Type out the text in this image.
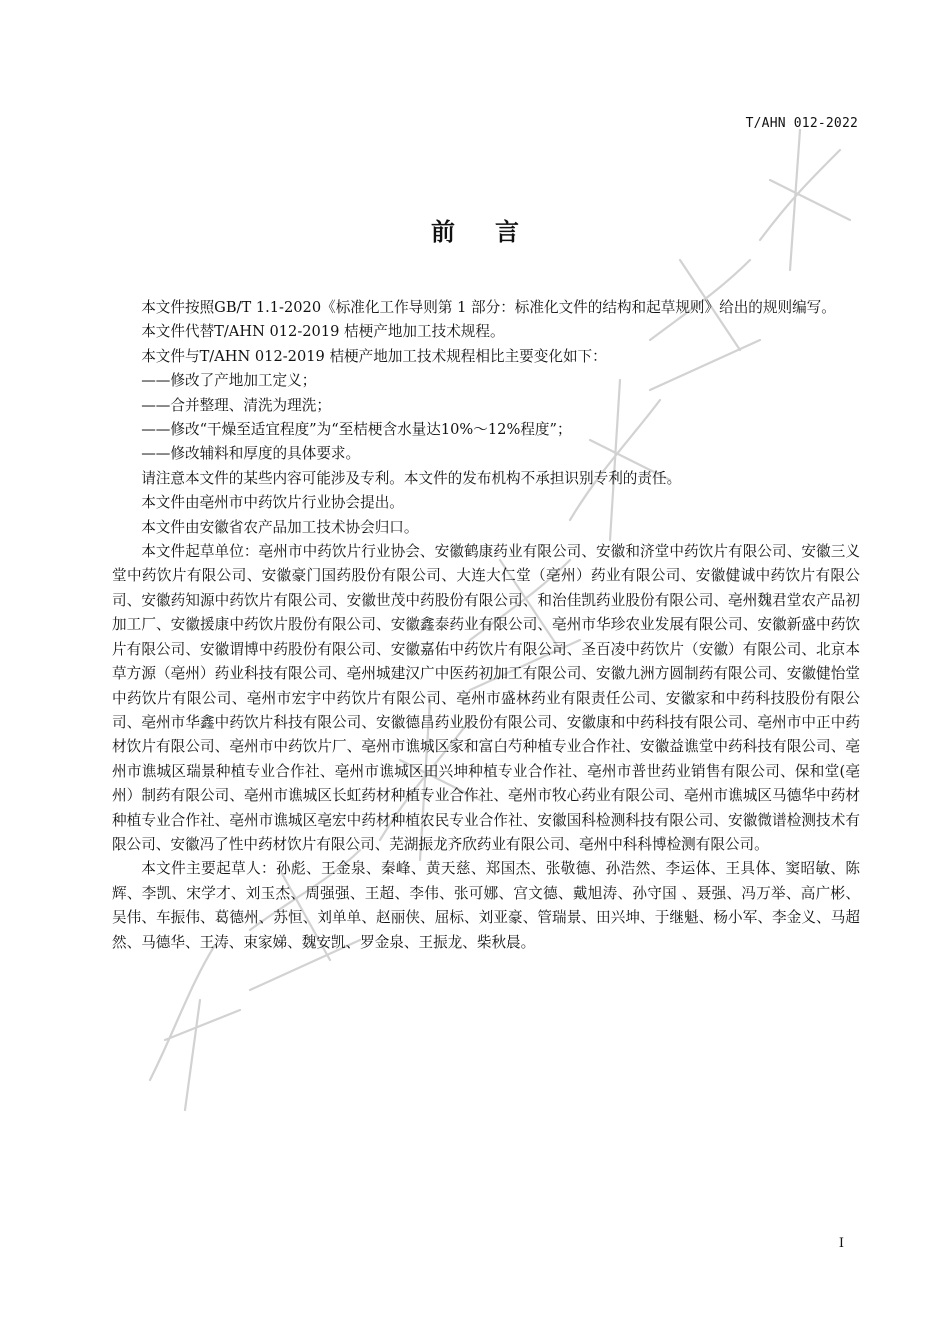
T/AHN 012-2022
前言

本文件按照GB/T 1.1-2020《标准化工作导则第 1 部分：标准化文件的结构和起草规则》给出的规则编写。

本文件代替T/AHN 012-2019 桔梗产地加工技术规程。

本文件与T/AHN 012-2019 桔梗产地加工技术规程相比主要变化如下：

——修改了产地加工定义；

——合并整理、清洗为理洗；

——修改“干燥至适宜程度”为“至桔梗含水量达10%～12%程度”；

——修改辅料和厚度的具体要求。

请注意本文件的某些内容可能涉及专利。本文件的发布机构不承担识别专利的责任。

本文件由亳州市中药饮片行业协会提出。

本文件由安徽省农产品加工技术协会归口。

本文件起草单位：亳州市中药饮片行业协会、安徽鹤康药业有限公司、安徽和济堂中药饮片有限公司、安徽三义堂中药饮片有限公司、安徽豪门国药股份有限公司、大连大仁堂（亳州）药业有限公司、安徽健诚中药饮片有限公司、安徽药知源中药饮片有限公司、安徽世茂中药股份有限公司、和治佳凯药业股份有限公司、亳州魏君堂农产品初加工厂、安徽援康中药饮片股份有限公司、安徽鑫泰药业有限公司、亳州市华珍农业发展有限公司、安徽新盛中药饮片有限公司、安徽谓博中药股份有限公司、安徽嘉佑中药饮片有限公司、圣百凌中药饮片（安徽）有限公司、北京本草方源（亳州）药业科技有限公司、亳州城建汉广中医药初加工有限公司、安徽九洲方圆制药有限公司、安徽健怡堂中药饮片有限公司、亳州市宏宇中药饮片有限公司、亳州市盛林药业有限责任公司、安徽家和中药科技股份有限公司、亳州市华鑫中药饮片科技有限公司、安徽德昌药业股份有限公司、安徽康和中药科技有限公司、亳州市中正中药材饮片有限公司、亳州市中药饮片厂、亳州市谯城区家和富白芍种植专业合作社、安徽益谯堂中药科技有限公司、亳州市谯城区瑞景种植专业合作社、亳州市谯城区田兴坤种植专业合作社、亳州市普世药业销售有限公司、保和堂(亳州）制药有限公司、亳州市谯城区长虹药材种植专业合作社、亳州市牧心药业有限公司、亳州市谯城区马德华中药材种植专业合作社、亳州市谯城区亳宏中药材种植农民专业合作社、安徽国科检测科技有限公司、安徽微谱检测技术有限公司、安徽冯了性中药材饮片有限公司、芜湖振龙齐欣药业有限公司、亳州中科科博检测有限公司。

本文件主要起草人：孙彪、王金泉、秦峰、黄天慈、郑国杰、张敬德、孙浩然、李运体、王具体、窦昭敏、陈辉、李凯、宋学才、刘玉杰、周强强、王超、李伟、张可娜、宫文德、戴旭涛、孙守国 、聂强、冯万举、高广彬、吴伟、车振伟、葛德州、苏恒、刘单单、赵丽侠、屈标、刘亚豪、管瑞景、田兴坤、于继魁、杨小军、李金义、马超然、马德华、王涛、束家娣、魏安凯、罗金泉、王振龙、柴秋晨。

I
